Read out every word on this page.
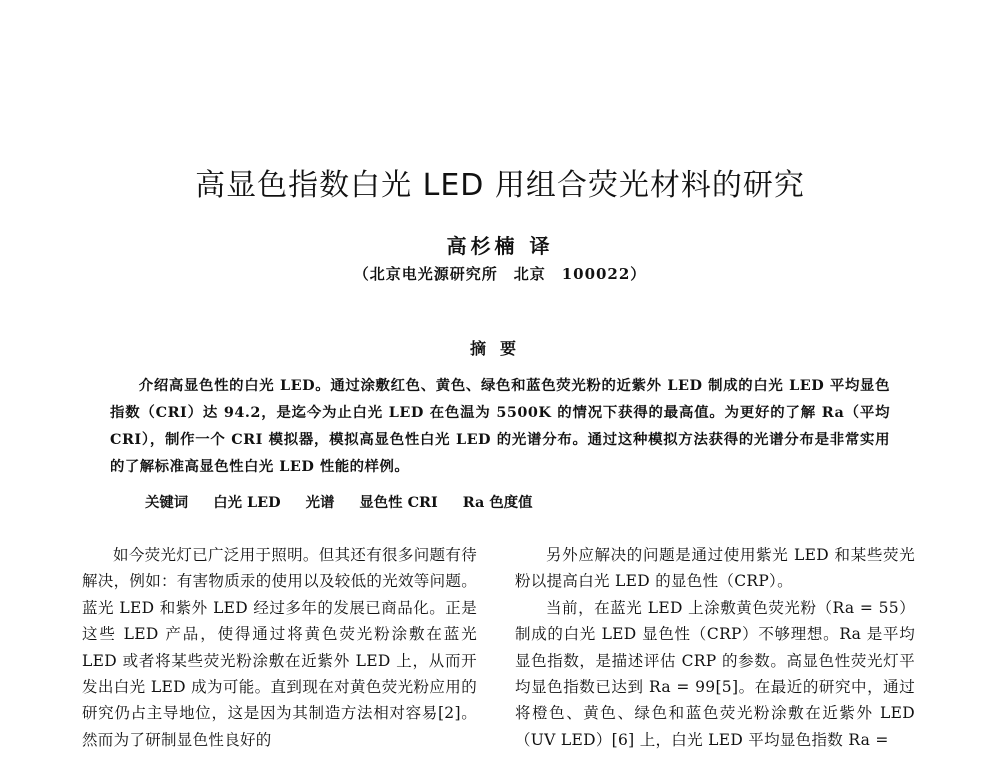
高显色指数白光 LED 用组合荧光材料的研究
高杉楠 译
（北京电光源研究所　北京　100022）
摘要
介绍高显色性的白光 LED。通过涂敷红色、黄色、绿色和蓝色荧光粉的近紫外 LED 制成的白光 LED 平均显色指数（CRI）达 94.2，是迄今为止白光 LED 在色温为 5500K 的情况下获得的最高值。为更好的了解 Ra（平均 CRI），制作一个 CRI 模拟器，模拟高显色性白光 LED 的光谱分布。通过这种模拟方法获得的光谱分布是非常实用的了解标准高显色性白光 LED 性能的样例。
关键词 白光 LED 光谱 显色性 CRI Ra 色度值

如今荧光灯已广泛用于照明。但其还有很多问题有待解决，例如：有害物质汞的使用以及较低的光效等问题。蓝光 LED 和紫外 LED 经过多年的发展已商品化。正是这些 LED 产品，使得通过将黄色荧光粉涂敷在蓝光 LED 或者将某些荧光粉涂敷在近紫外 LED 上，从而开发出白光 LED 成为可能。直到现在对黄色荧光粉应用的研究仍占主导地位，这是因为其制造方法相对容易[2]。然而为了研制显色性良好的

另外应解决的问题是通过使用紫光 LED 和某些荧光粉以提高白光 LED 的显色性（CRP）。

当前，在蓝光 LED 上涂敷黄色荧光粉（Ra = 55）制成的白光 LED 显色性（CRP）不够理想。Ra 是平均显色指数，是描述评估 CRP 的参数。高显色性荧光灯平均显色指数已达到 Ra = 99[5]。在最近的研究中，通过将橙色、黄色、绿色和蓝色荧光粉涂敷在近紫外 LED（UV LED）[6] 上，白光 LED 平均显色指数 Ra =
